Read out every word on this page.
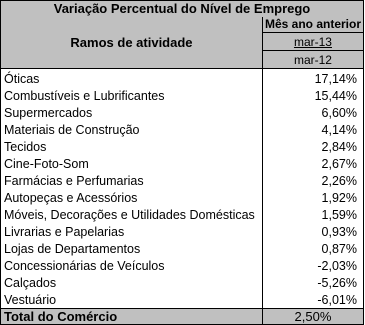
Variação Percentual do Nível de Emprego
Ramos de atividade	Mês ano anterior
	mar-13
	mar-12
Óticas	17,14%
Combustíveis e Lubrificantes	15,44%
Supermercados	6,60%
Materiais de Construção	4,14%
Tecidos	2,84%
Cine-Foto-Som	2,67%
Farmácias e Perfumarias	2,26%
Autopeças e Acessórios	1,92%
Móveis, Decorações e Utilidades Domésticas	1,59%
Livrarias e Papelarias	0,93%
Lojas de Departamentos	0,87%
Concessionárias de Veículos	-2,03%
Calçados	-5,26%
Vestuário	-6,01%
Total do Comércio	2,50%
